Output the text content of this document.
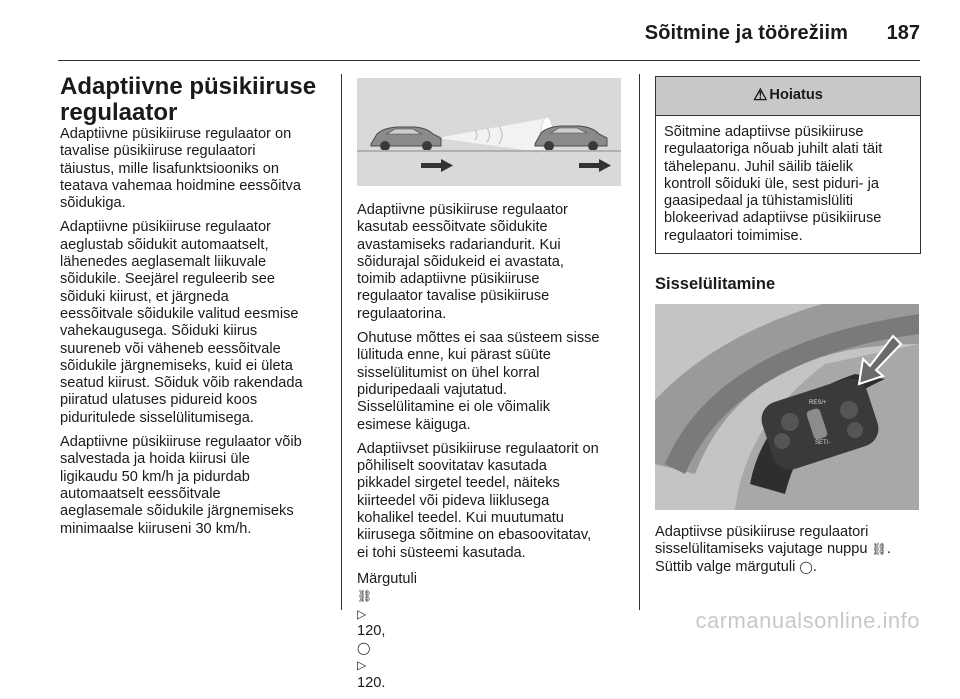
Sõitmine ja töörežiim 187
Adaptiivne püsikiiruse regulaator

Adaptiivne püsikiiruse regulaator on
tavalise püsikiiruse regulaatori
täiustus, mille lisafunktsiooniks on
teatava vahemaa hoidmine eessõitva
sõidukiga.

Adaptiivne püsikiiruse regulaator
aeglustab sõidukit automaatselt,
lähenedes aeglasemalt liikuvale
sõidukile. Seejärel reguleerib see
sõiduki kiirust, et järgneda
eessõitvale sõidukile valitud eesmise
vahekaugusega. Sõiduki kiirus
suureneb või väheneb eessõitvale
sõidukile järgnemiseks, kuid ei ületa
seatud kiirust. Sõiduk võib rakendada
piiratud ulatuses pidureid koos
piduritulede sisselülitumisega.

Adaptiivne püsikiiruse regulaator võib
salvestada ja hoida kiirusi üle
ligikaudu 50 km/h ja pidurdab
automaatselt eessõitvale
aeglasemale sõidukile järgnemiseks
minimaalse kiiruseni 30 km/h.

Adaptiivne püsikiiruse regulaator
kasutab eessõitvate sõidukite
avastamiseks radariandurit. Kui
sõidurajal sõidukeid ei avastata,
toimib adaptiivne püsikiiruse
regulaator tavalise püsikiiruse
regulaatorina.

Ohutuse mõttes ei saa süsteem sisse
lülituda enne, kui pärast süüte
sisselülitumist on ühel korral
piduripedaali vajutatud.
Sisselülitamine ei ole võimalik
esimese käiguga.

Adaptiivset püsikiiruse regulaatorit on
põhiliselt soovitatav kasutada
pikkadel sirgetel teedel, näiteks
kiirteedel või pideva liiklusega
kohalikel teedel. Kui muutumatu
kiirusega sõitmine on ebasoovitatav,
ei tohi süsteemi kasutada.

Märgutuli
⛓
▷
120,
◯
▷
120.

⚠ Hoiatus

Sõitmine adaptiivse püsikiiruse
regulaatoriga nõuab juhilt alati täit
tähelepanu. Juhil säilib täielik
kontroll sõiduki üle, sest piduri- ja
gaasipedaal ja tühistamislüliti
blokeerivad adaptiivse püsikiiruse
regulaatori toimimise.

Sisselülitamine
RES/+
SET/-

Adaptiivse püsikiiruse regulaatori
sisselülitamiseks vajutage nuppu ⛓.
Süttib valge märgutuli ◯.

carmanualsonline.info
